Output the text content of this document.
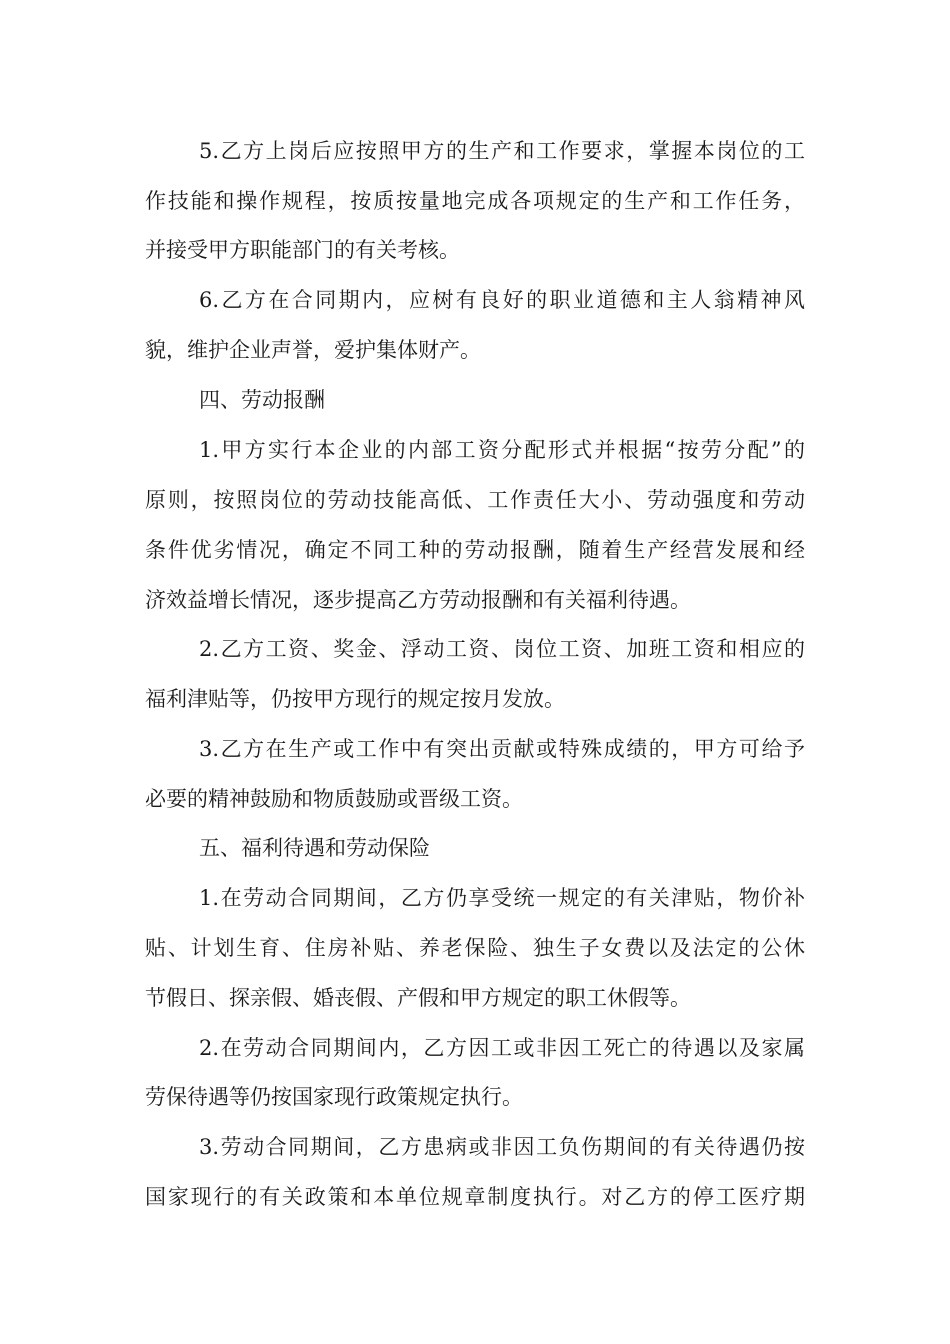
5.乙方上岗后应按照甲方的生产和工作要求，掌握本岗位的工
作技能和操作规程，按质按量地完成各项规定的生产和工作任务，
并接受甲方职能部门的有关考核。
6.乙方在合同期内，应树有良好的职业道德和主人翁精神风
貌，维护企业声誉，爱护集体财产。
四、劳动报酬
1.甲方实行本企业的内部工资分配形式并根据“按劳分配”的
原则，按照岗位的劳动技能高低、工作责任大小、劳动强度和劳动
条件优劣情况，确定不同工种的劳动报酬，随着生产经营发展和经
济效益增长情况，逐步提高乙方劳动报酬和有关福利待遇。
2.乙方工资、奖金、浮动工资、岗位工资、加班工资和相应的
福利津贴等，仍按甲方现行的规定按月发放。
3.乙方在生产或工作中有突出贡献或特殊成绩的，甲方可给予
必要的精神鼓励和物质鼓励或晋级工资。
五、福利待遇和劳动保险
1.在劳动合同期间，乙方仍享受统一规定的有关津贴，物价补
贴、计划生育、住房补贴、养老保险、独生子女费以及法定的公休
节假日、探亲假、婚丧假、产假和甲方规定的职工休假等。
2.在劳动合同期间内，乙方因工或非因工死亡的待遇以及家属
劳保待遇等仍按国家现行政策规定执行。
3.劳动合同期间，乙方患病或非因工负伤期间的有关待遇仍按
国家现行的有关政策和本单位规章制度执行。对乙方的停工医疗期
